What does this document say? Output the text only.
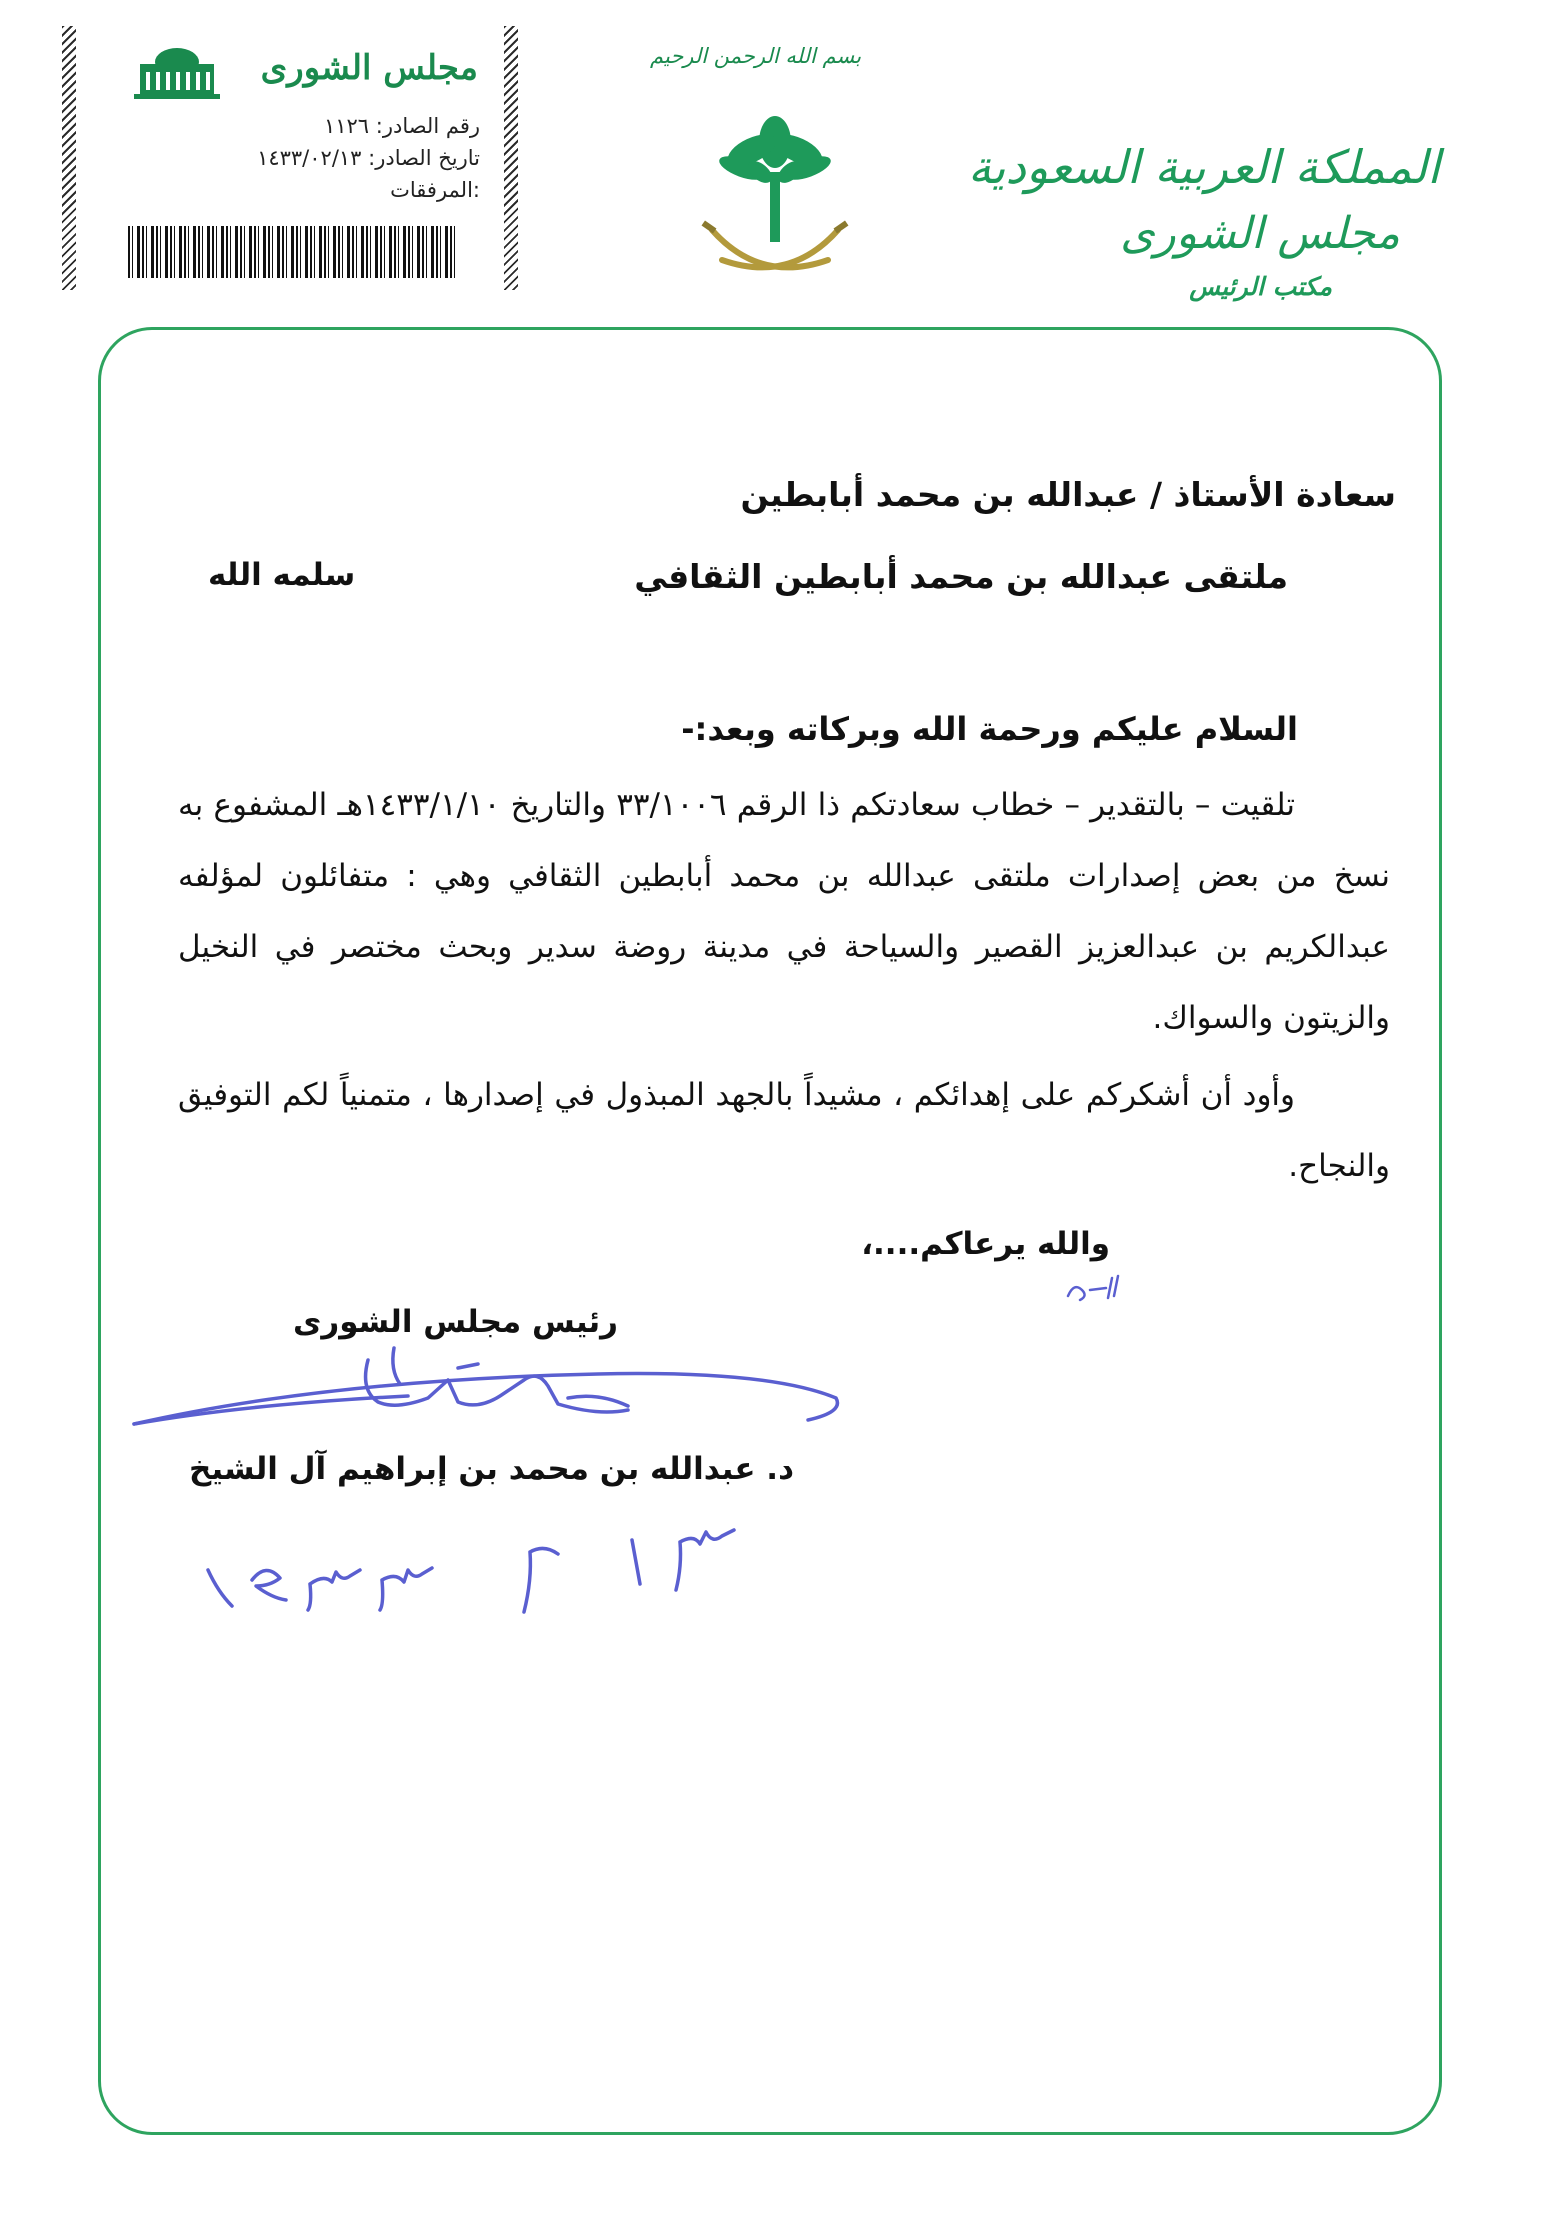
مجلس الشورى
رقم الصادر: ١١٢٦
تاريخ الصادر: ١٤٣٣/٠٢/١٣
:المرفقات
بسم الله الرحمن الرحيم
المملكة العربية السعودية
مجلس الشورى
مكتب الرئيس
سعادة الأستاذ / عبدالله بن محمد أبابطين
ملتقى عبدالله بن محمد أبابطين الثقافي
سلمه الله
السلام عليكم ورحمة الله وبركاته وبعد:-
تلقيت – بالتقدير – خطاب سعادتكم ذا الرقم ٣٣/١٠٠٦ والتاريخ ١٤٣٣/١/١٠هـ المشفوع به نسخ من بعض إصدارات ملتقى عبدالله بن محمد أبابطين الثقافي وهي : متفائلون لمؤلفه عبدالكريم بن عبدالعزيز القصير والسياحة في مدينة روضة سدير وبحث مختصر في النخيل والزيتون والسواك.
وأود أن أشكركم على إهدائكم ، مشيداً بالجهد المبذول في إصدارها ، متمنياً لكم التوفيق والنجاح.
والله يرعاكم....،
رئيس مجلس الشورى
د. عبدالله بن محمد بن إبراهيم آل الشيخ
